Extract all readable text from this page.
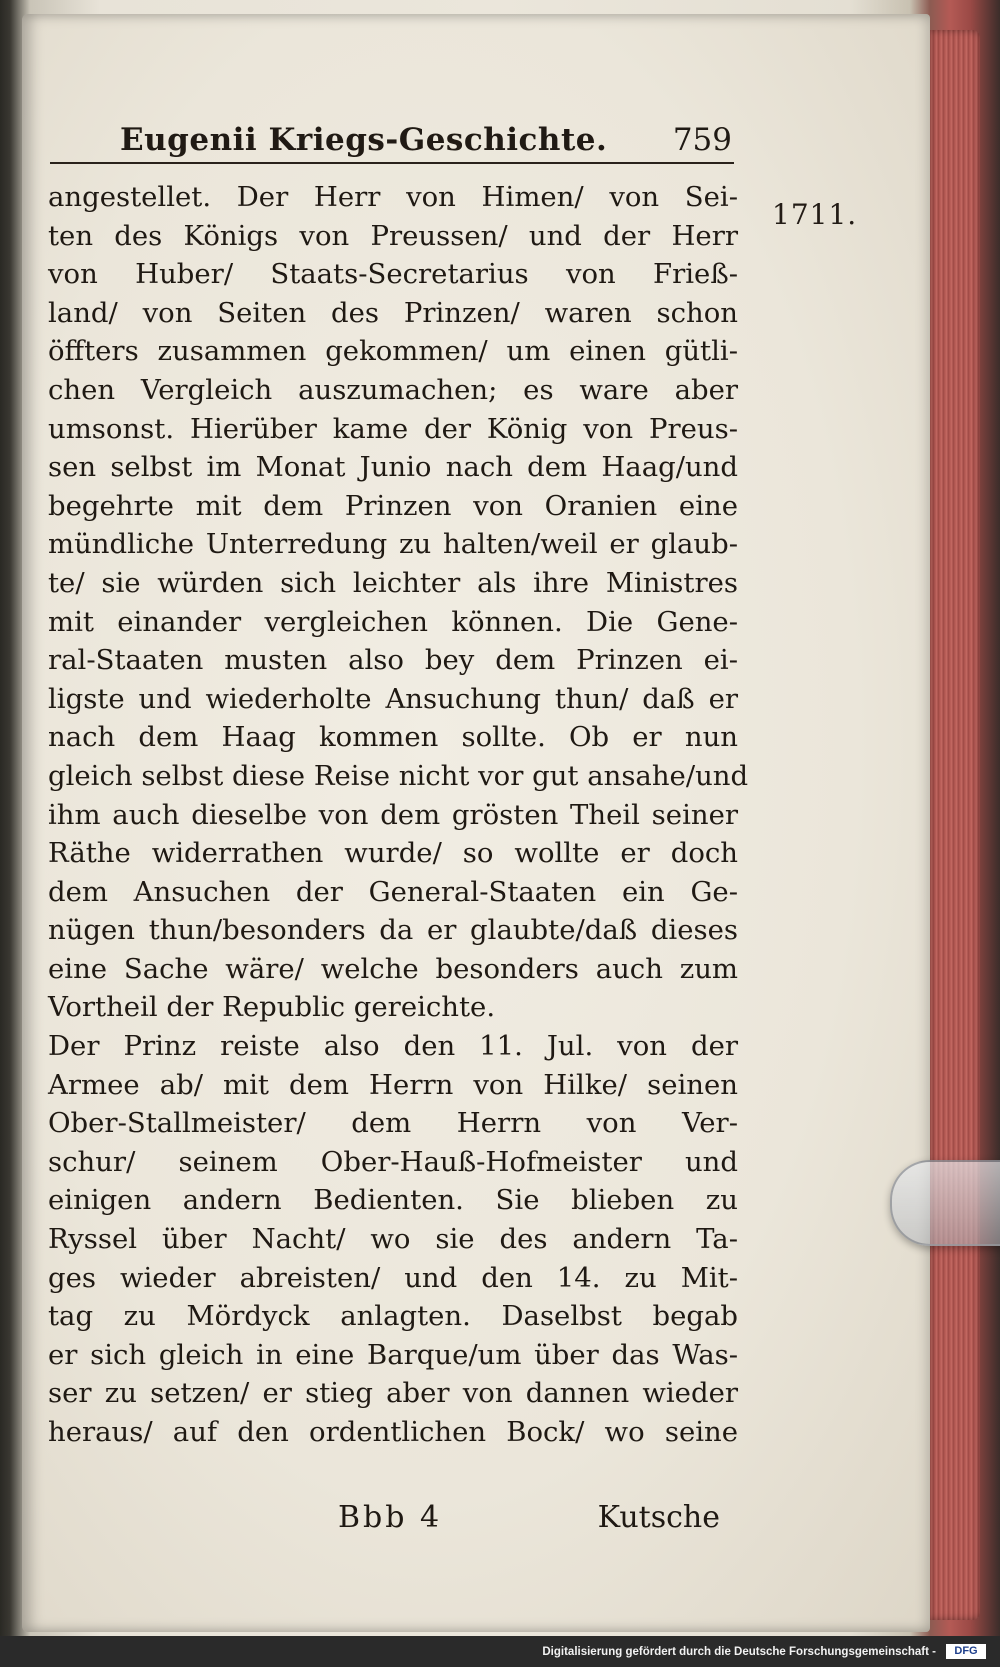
Eugenii Kriegs-Geschichte. 759
1711.
angestellet. Der Herr von Himen/ von Sei-
ten des Königs von Preussen/ und der Herr
von Huber/ Staats-Secretarius von Frieß-
land/ von Seiten des Prinzen/ waren schon
öffters zusammen gekommen/ um einen gütli-
chen Vergleich auszumachen; es ware aber
umsonst. Hierüber kame der König von Preus-
sen selbst im Monat Junio nach dem Haag/und
begehrte mit dem Prinzen von Oranien eine
mündliche Unterredung zu halten/weil er glaub-
te/ sie würden sich leichter als ihre Ministres
mit einander vergleichen können. Die Gene-
ral-Staaten musten also bey dem Prinzen ei-
ligste und wiederholte Ansuchung thun/ daß er
nach dem Haag kommen sollte. Ob er nun
gleich selbst diese Reise nicht vor gut ansahe/und
ihm auch dieselbe von dem grösten Theil seiner
Räthe widerrathen wurde/ so wollte er doch
dem Ansuchen der General-Staaten ein Ge-
nügen thun/besonders da er glaubte/daß dieses
eine Sache wäre/ welche besonders auch zum
Vortheil der Republic gereichte.
Der Prinz reiste also den 11. Jul. von der
Armee ab/ mit dem Herrn von Hilke/ seinen
Ober-Stallmeister/ dem Herrn von Ver-
schur/ seinem Ober-Hauß-Hofmeister und
einigen andern Bedienten. Sie blieben zu
Ryssel über Nacht/ wo sie des andern Ta-
ges wieder abreisten/ und den 14. zu Mit-
tag zu Mördyck anlagten. Daselbst begab
er sich gleich in eine Barque/um über das Was-
ser zu setzen/ er stieg aber von dannen wieder
heraus/ auf den ordentlichen Bock/ wo seine
Bbb 4	Kutsche
Digitalisierung gefördert durch die Deutsche Forschungsgemeinschaft -	DFG
